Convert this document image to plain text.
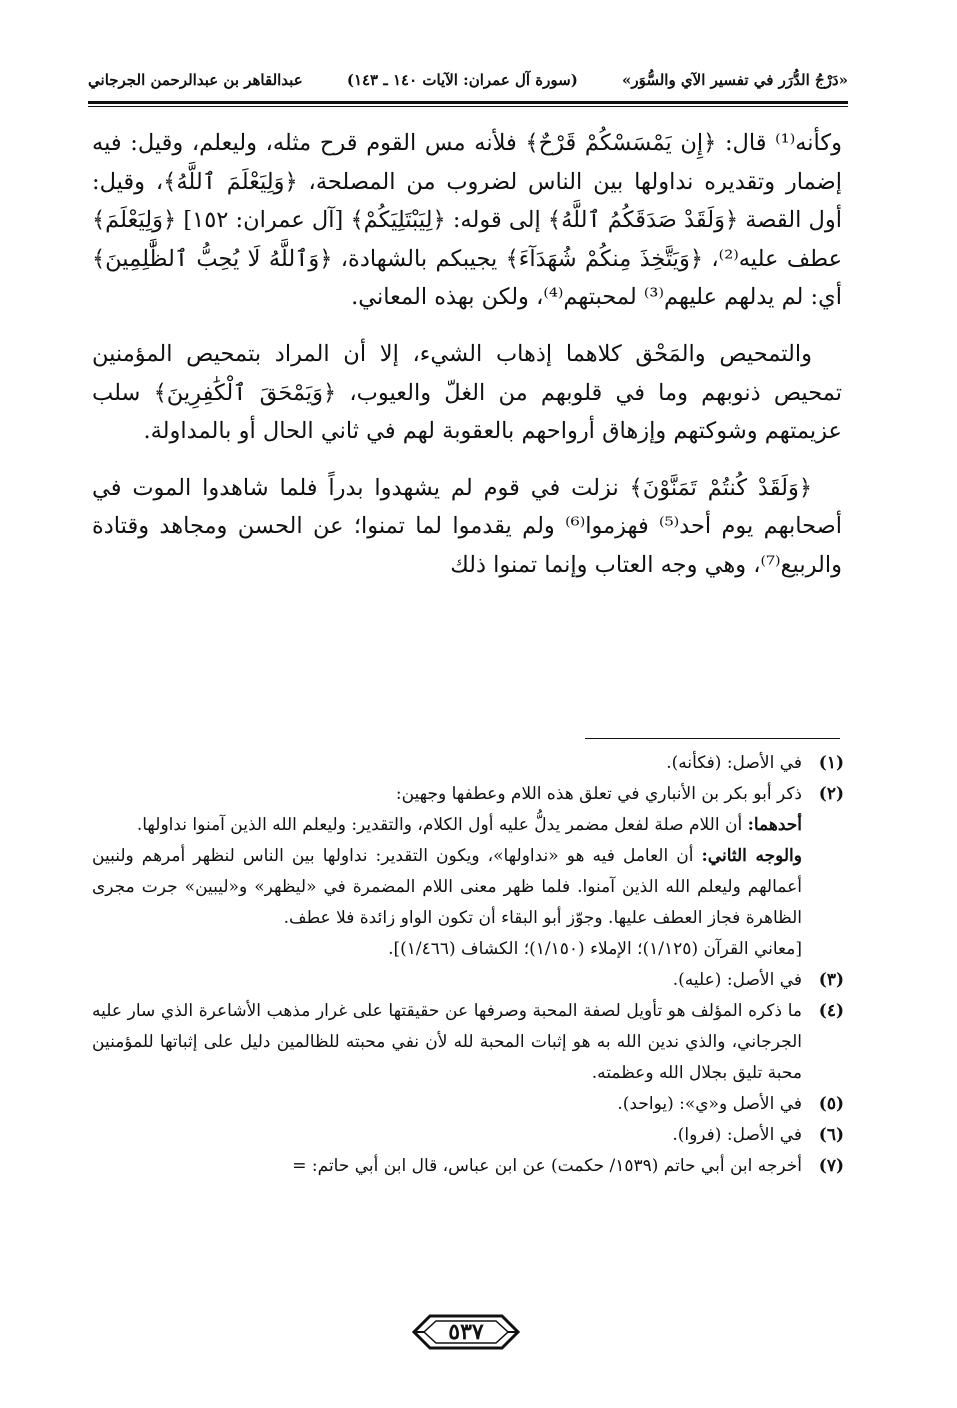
«دَرْجُ الدُّرَر في تفسير الآي والسُّوَر»
(سورة آل عمران: الآيات ١٤٠ ـ ١٤٣)
عبدالقاهر بن عبدالرحمن الجرجاني

وكأنه⁽¹⁾ قال: ﴿إِن يَمْسَسْكُمْ قَرْحٌ﴾ فلأنه مس القوم قرح مثله، وليعلم، وقيل: فيه إضمار وتقديره نداولها بين الناس لضروب من المصلحة، ﴿وَلِيَعْلَمَ ٱللَّهُ﴾، وقيل: أول القصة ﴿وَلَقَدْ صَدَقَكُمُ ٱللَّهُ﴾ إلى قوله: ﴿لِيَبْتَلِيَكُمْ﴾ [آل عمران: ١٥٢] ﴿وَلِيَعْلَمَ﴾ عطف عليه⁽²⁾، ﴿وَيَتَّخِذَ مِنكُمْ شُهَدَآءَ﴾ يجيبكم بالشهادة، ﴿وَٱللَّهُ لَا يُحِبُّ ٱلظَّٰلِمِينَ﴾ أي: لم يدلهم عليهم⁽³⁾ لمحبتهم⁽⁴⁾، ولكن بهذه المعاني.

والتمحيص والمَحْق كلاهما إذهاب الشيء، إلا أن المراد بتمحيص المؤمنين تمحيص ذنوبهم وما في قلوبهم من الغلّ والعيوب، ﴿وَيَمْحَقَ ٱلْكَٰفِرِينَ﴾ سلب عزيمتهم وشوكتهم وإزهاق أرواحهم بالعقوبة لهم في ثاني الحال أو بالمداولة.

﴿وَلَقَدْ كُنتُمْ تَمَنَّوْنَ﴾ نزلت في قوم لم يشهدوا بدراً فلما شاهدوا الموت في أصحابهم يوم أحد⁽⁵⁾ فهزموا⁽⁶⁾ ولم يقدموا لما تمنوا؛ عن الحسن ومجاهد وقتادة والربيع⁽⁷⁾، وهي وجه العتاب وإنما تمنوا ذلك

(١)
في الأصل: (فكأنه).
(٢)
ذكر أبو بكر بن الأنباري في تعلق هذه اللام وعطفها وجهين:
أحدهما: أن اللام صلة لفعل مضمر يدلُّ عليه أول الكلام، والتقدير: وليعلم الله الذين آمنوا نداولها.
والوجه الثاني: أن العامل فيه هو «نداولها»، ويكون التقدير: نداولها بين الناس لنظهر أمرهم ولنبين أعمالهم وليعلم الله الذين آمنوا. فلما ظهر معنى اللام المضمرة في «ليظهر» و«ليبين» جرت مجرى الظاهرة فجاز العطف عليها. وجوّز أبو البقاء أن تكون الواو زائدة فلا عطف.
[معاني القرآن (١/١٢٥)؛ الإملاء (١/١٥٠)؛ الكشاف (١/٤٦٦)].
(٣)
في الأصل: (عليه).
(٤)
ما ذكره المؤلف هو تأويل لصفة المحبة وصرفها عن حقيقتها على غرار مذهب الأشاعرة الذي سار عليه الجرجاني، والذي ندين الله به هو إثبات المحبة لله لأن نفي محبته للظالمين دليل على إثباتها للمؤمنين محبة تليق بجلال الله وعظمته.
(٥)
في الأصل و«ي»: (يواحد).
(٦)
في الأصل: (فروا).
(٧)
أخرجه ابن أبي حاتم (١٥٣٩/ حكمت) عن ابن عباس، قال ابن أبي حاتم: =
٥٣٧
